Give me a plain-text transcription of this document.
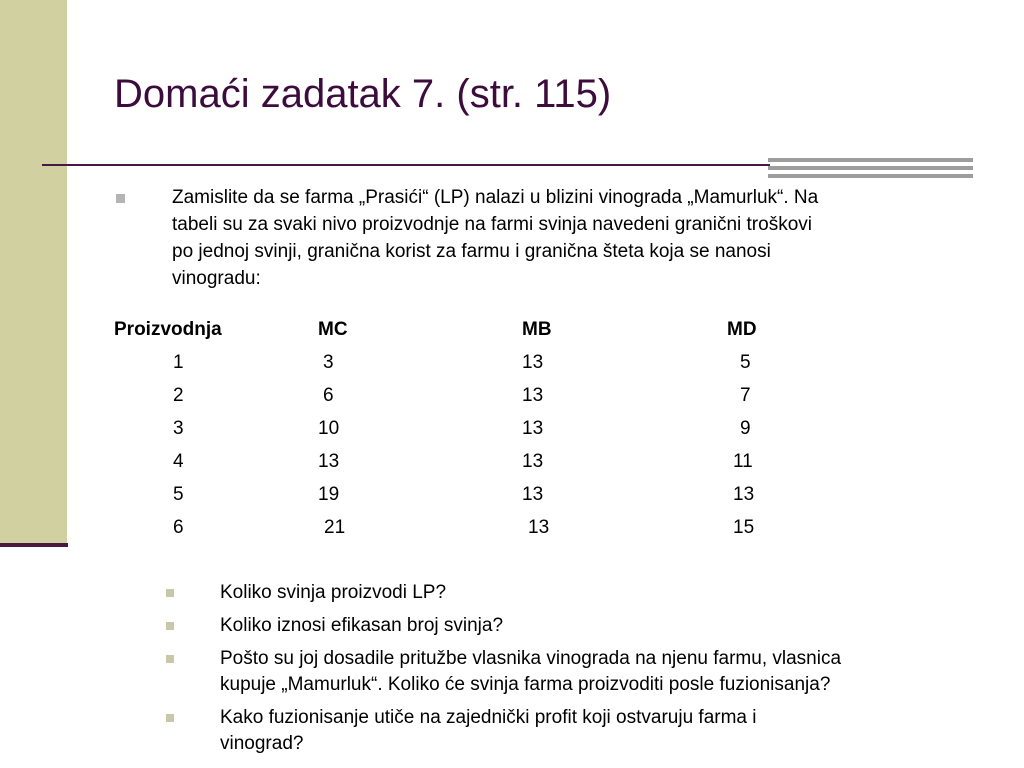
Domaći zadatak 7. (str. 115)
Zamislite da se farma „Prasići“ (LP) nalazi u blizini vinograda „Mamurluk“. Na
tabeli su za svaki nivo proizvodnje na farmi svinja navedeni granični troškovi
po jednoj svinji, granična korist za farmu i granična šteta koja se nanosi
vinogradu:
Proizvodnja	MC	MB	MD
1	3	13	5
2	6	13	7
3	10	13	9
4	13	13	11
5	19	13	13
6	21	13	15
Koliko svinja proizvodi LP?
Koliko iznosi efikasan broj svinja?
Pošto su joj dosadile pritužbe vlasnika vinograda na njenu farmu, vlasnica
kupuje „Mamurluk“. Koliko će svinja farma proizvoditi posle fuzionisanja?
Kako fuzionisanje utiče na zajednički profit koji ostvaruju farma i
vinograd?
